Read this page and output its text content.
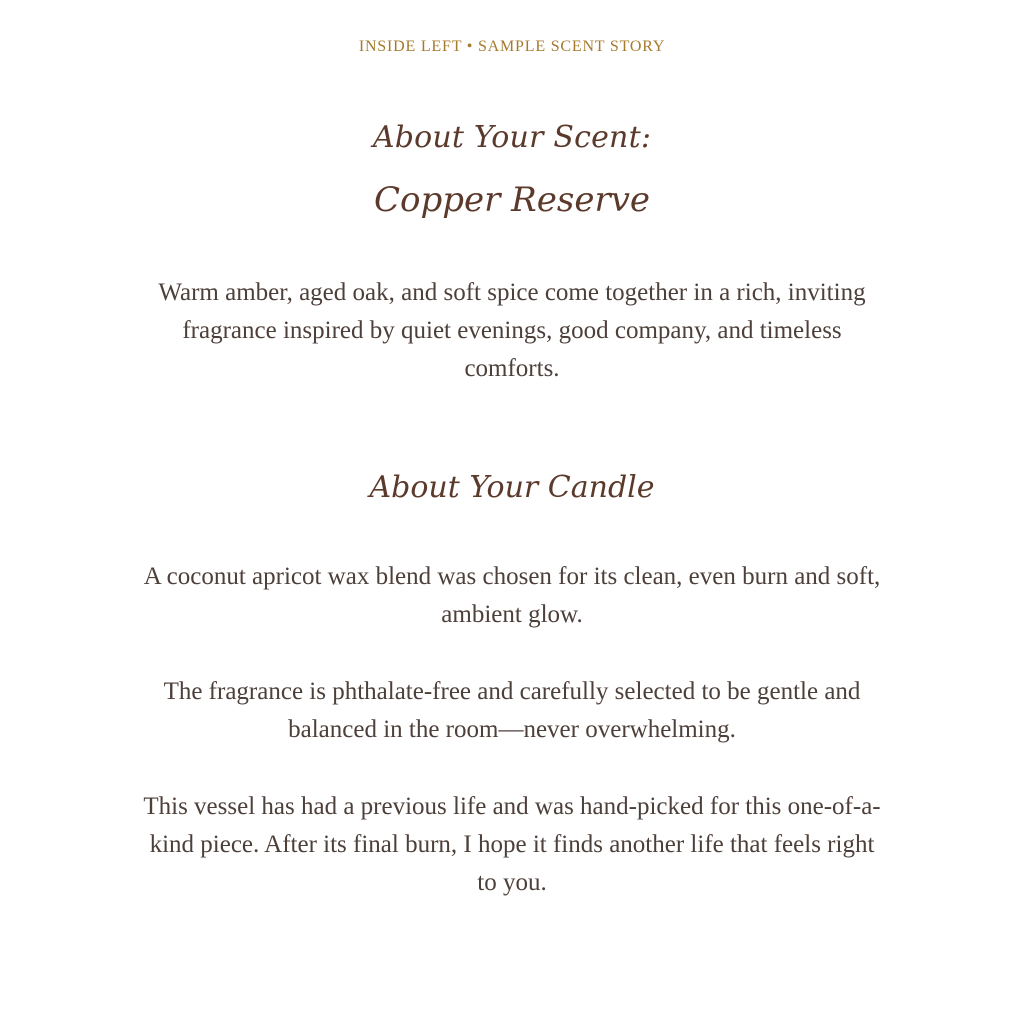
INSIDE LEFT • SAMPLE SCENT STORY
About Your Scent:
Copper Reserve
Warm amber, aged oak, and soft spice come together in a rich, inviting fragrance inspired by quiet evenings, good company, and timeless comforts.
About Your Candle
A coconut apricot wax blend was chosen for its clean, even burn and soft, ambient glow.
The fragrance is phthalate-free and carefully selected to be gentle and balanced in the room—never overwhelming.
This vessel has had a previous life and was hand-picked for this one-of-a-kind piece. After its final burn, I hope it finds another life that feels right to you.
